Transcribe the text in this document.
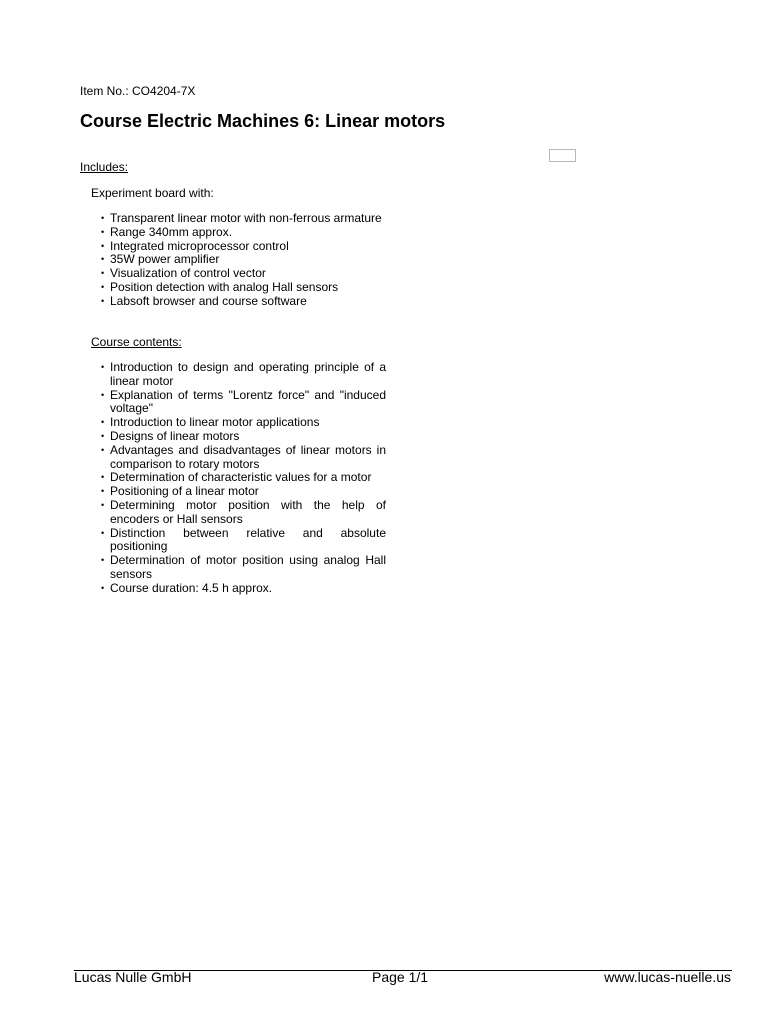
Item No.: CO4204-7X
Course Electric Machines 6: Linear motors
Includes:
Experiment board with:
• Transparent linear motor with non-ferrous armature
• Range 340mm approx.
• Integrated microprocessor control
• 35W power amplifier
• Visualization of control vector
• Position detection with analog Hall sensors
• Labsoft browser and course software
Course contents:
• Introduction to design and operating principle of a linear motor
• Explanation of terms "Lorentz force" and "induced voltage"
• Introduction to linear motor applications
• Designs of linear motors
• Advantages and disadvantages of linear motors in comparison to rotary motors
• Determination of characteristic values for a motor
• Positioning of a linear motor
• Determining motor position with the help of encoders or Hall sensors
• Distinction between relative and absolute positioning
• Determination of motor position using analog Hall sensors
• Course duration: 4.5 h approx.
Lucas Nulle GmbH	Page 1/1	www.lucas-nuelle.us
